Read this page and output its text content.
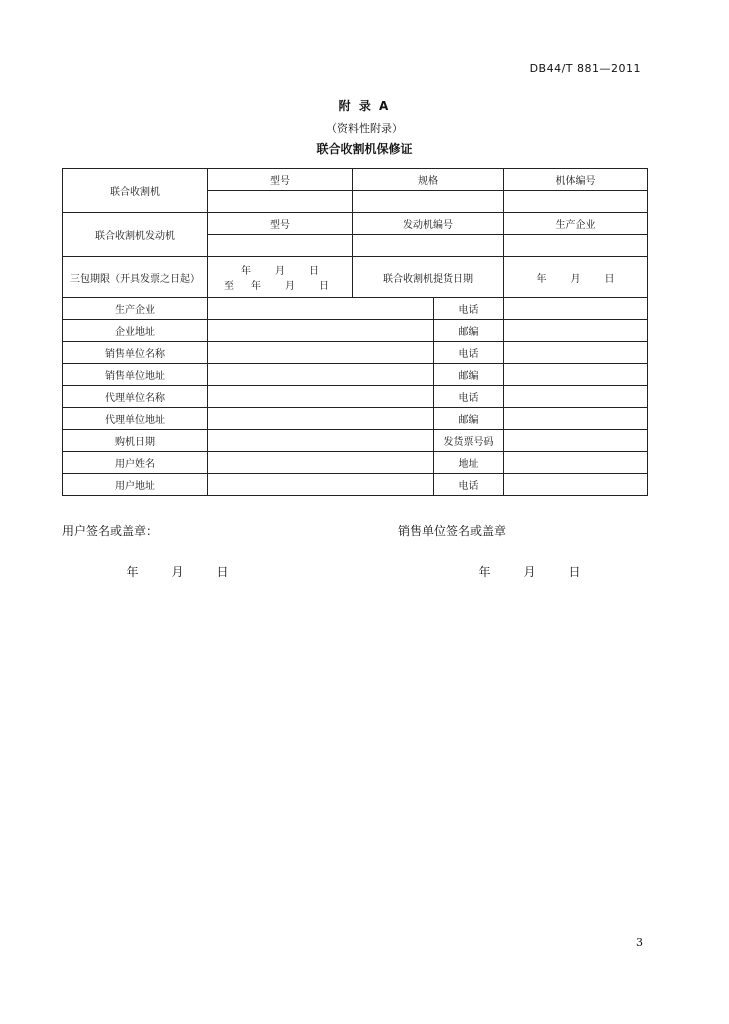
DB44/T 881—2011
附 录 A
（资料性附录）
联合收割机保修证
联合收割机	型号	规格		机体编号

联合收割机发动机	型号	发动机编号		生产企业

三包期限（开具发票之日起）	年 月 日 至 年 月 日	联合收割机提货日期		年 月 日
生产企业			电话	
企业地址			邮编	
销售单位名称			电话	
销售单位地址			邮编	
代理单位名称			电话	
代理单位地址			邮编	
购机日期			发货票号码	
用户姓名			地址	
用户地址			电话	
用户签名或盖章：	销售单位签名或盖章
年	月	日	年	月	日
3
